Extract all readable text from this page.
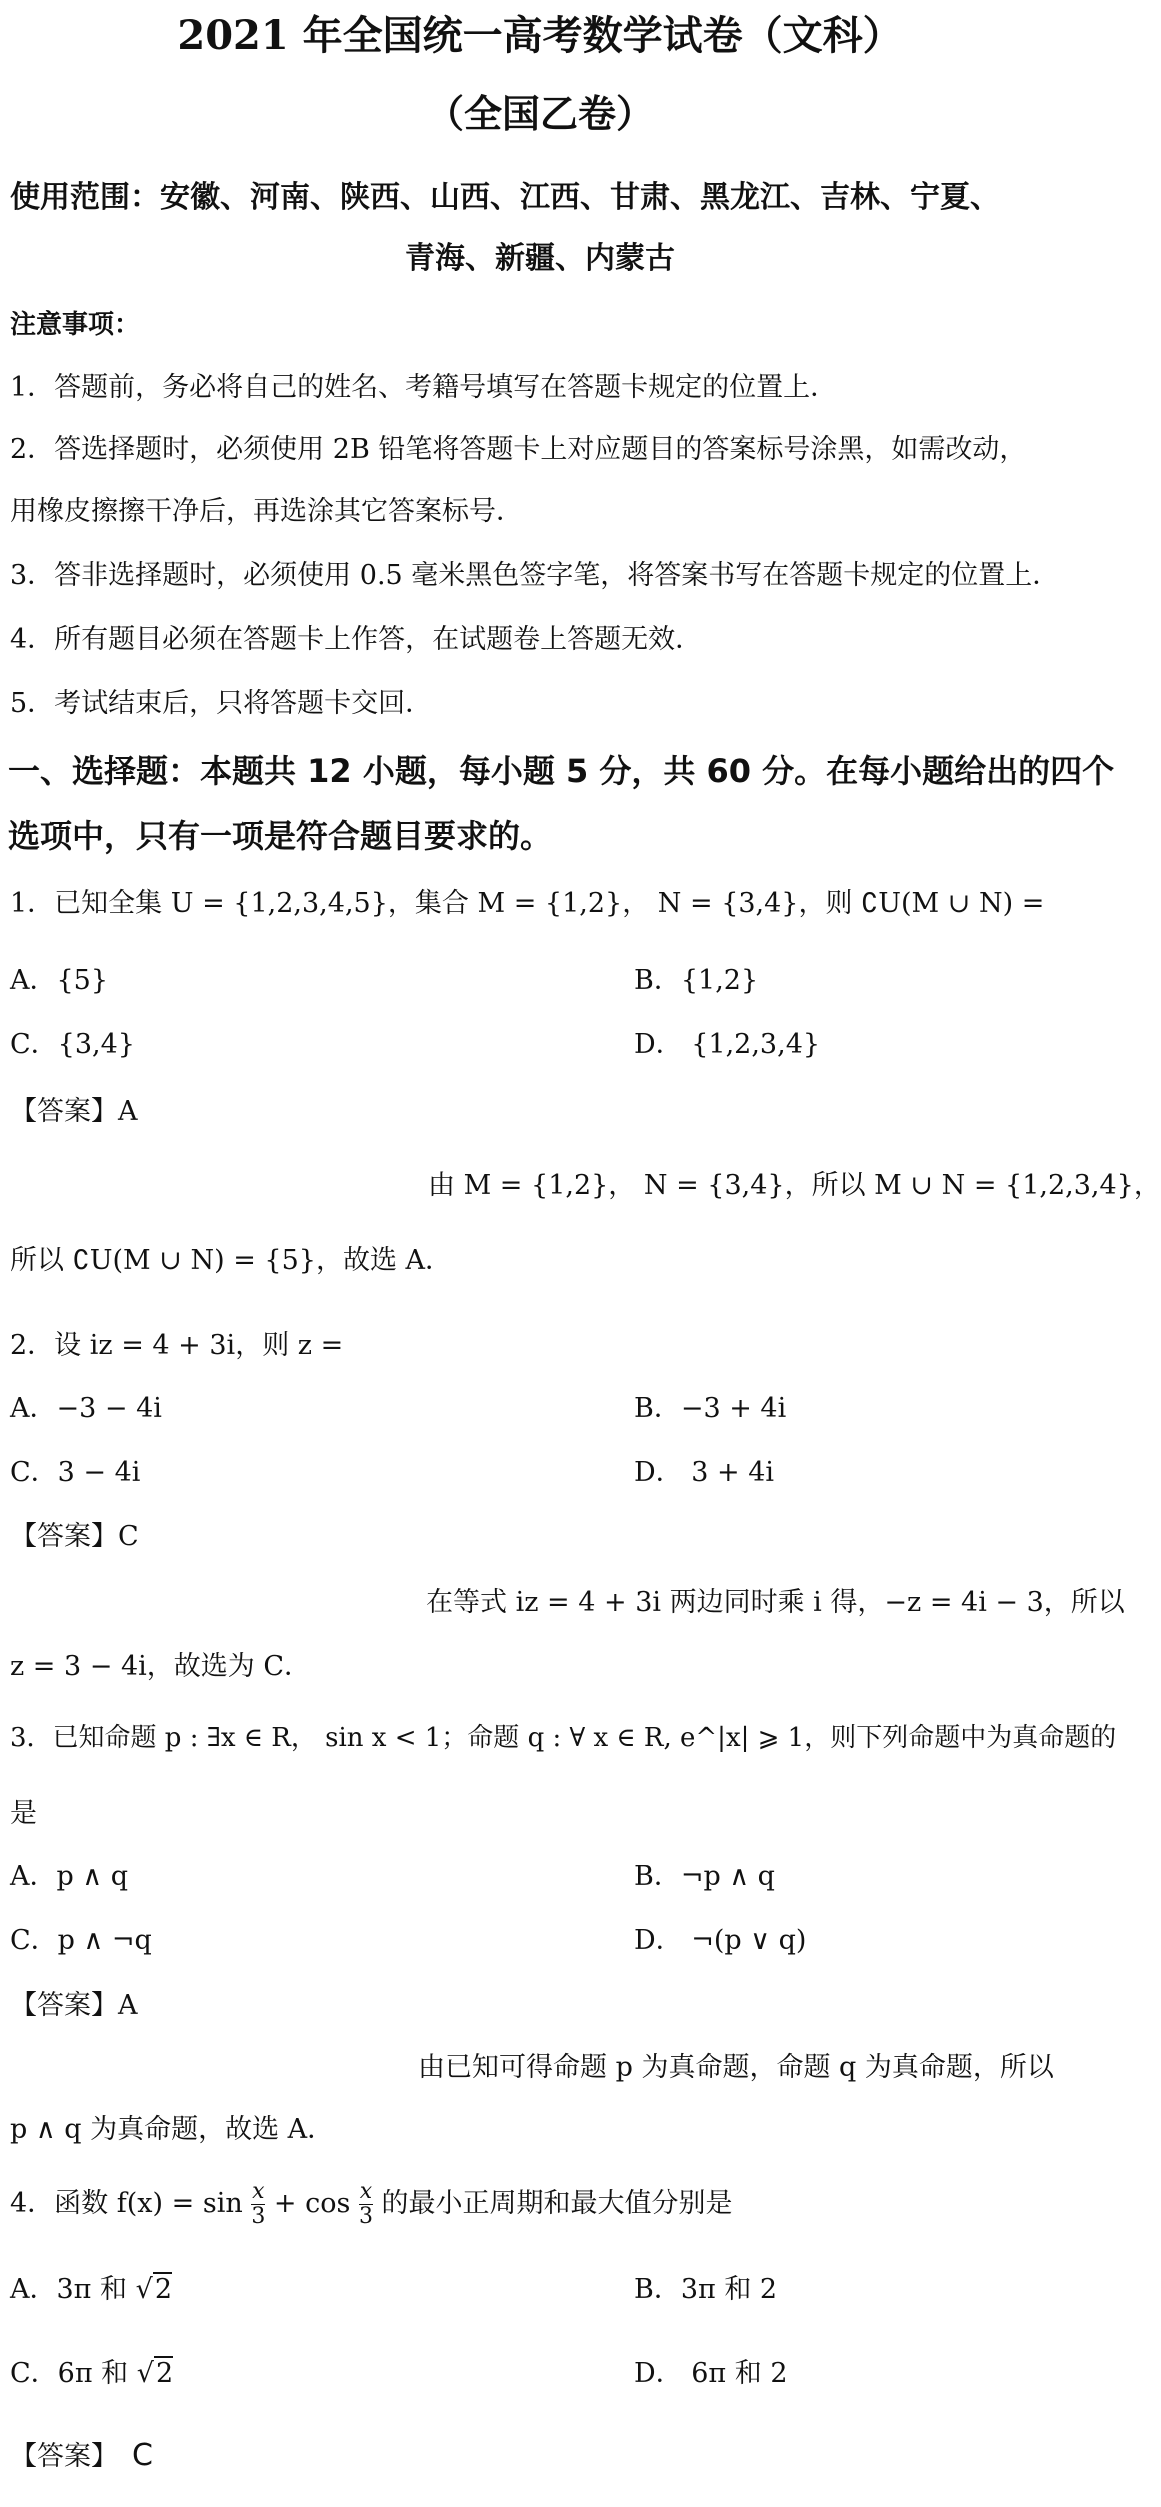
2021 年全国统一高考数学试卷（文科）
（全国乙卷）
使用范围：安徽、河南、陕西、山西、江西、甘肃、黑龙江、吉林、宁夏、
青海、新疆、内蒙古
注意事项：
1．答题前，务必将自己的姓名、考籍号填写在答题卡规定的位置上．
2．答选择题时，必须使用 2B 铅笔将答题卡上对应题目的答案标号涂黑，如需改动，
用橡皮擦擦干净后，再选涂其它答案标号．
3．答非选择题时，必须使用 0.5 毫米黑色签字笔，将答案书写在答题卡规定的位置上．
4．所有题目必须在答题卡上作答，在试题卷上答题无效．
5．考试结束后，只将答题卡交回．
一、选择题：本题共 12 小题，每小题 5 分，共 60 分。在每小题给出的四个
选项中，只有一项是符合题目要求的。
1．已知全集 U = {1,2,3,4,5}，集合 M = {1,2}， N = {3,4}，则 ∁U(M ∪ N) =
A．{5}	B．{1,2}
C．{3,4}	D． {1,2,3,4}
【答案】A
由 M = {1,2}， N = {3,4}，所以 M ∪ N = {1,2,3,4}，
所以 ∁U(M ∪ N) = {5}，故选 A．
2．设 iz = 4 + 3i，则 z =
A．−3 − 4i	B．−3 + 4i
C．3 − 4i	D． 3 + 4i
【答案】C
在等式 iz = 4 + 3i 两边同时乘 i 得，−z = 4i − 3，所以
z = 3 − 4i，故选为 C．
3．已知命题 p : ∃x ∈ R， sin x < 1；命题 q : ∀ x ∈ R, e^|x| ⩾ 1，则下列命题中为真命题的
是
A．p ∧ q	B．¬p ∧ q
C．p ∧ ¬q	D． ¬(p ∨ q)
【答案】A
由已知可得命题 p 为真命题，命题 q 为真命题，所以
p ∧ q 为真命题，故选 A．
4．函数 $f(x) = \sin \frac{x}{3} + \cos \frac{x}{3}$ 的最小正周期和最大值分别是
A．3π 和 √2	B．3π 和 2
C．6π 和 √2	D． 6π 和 2
【答案】 C
